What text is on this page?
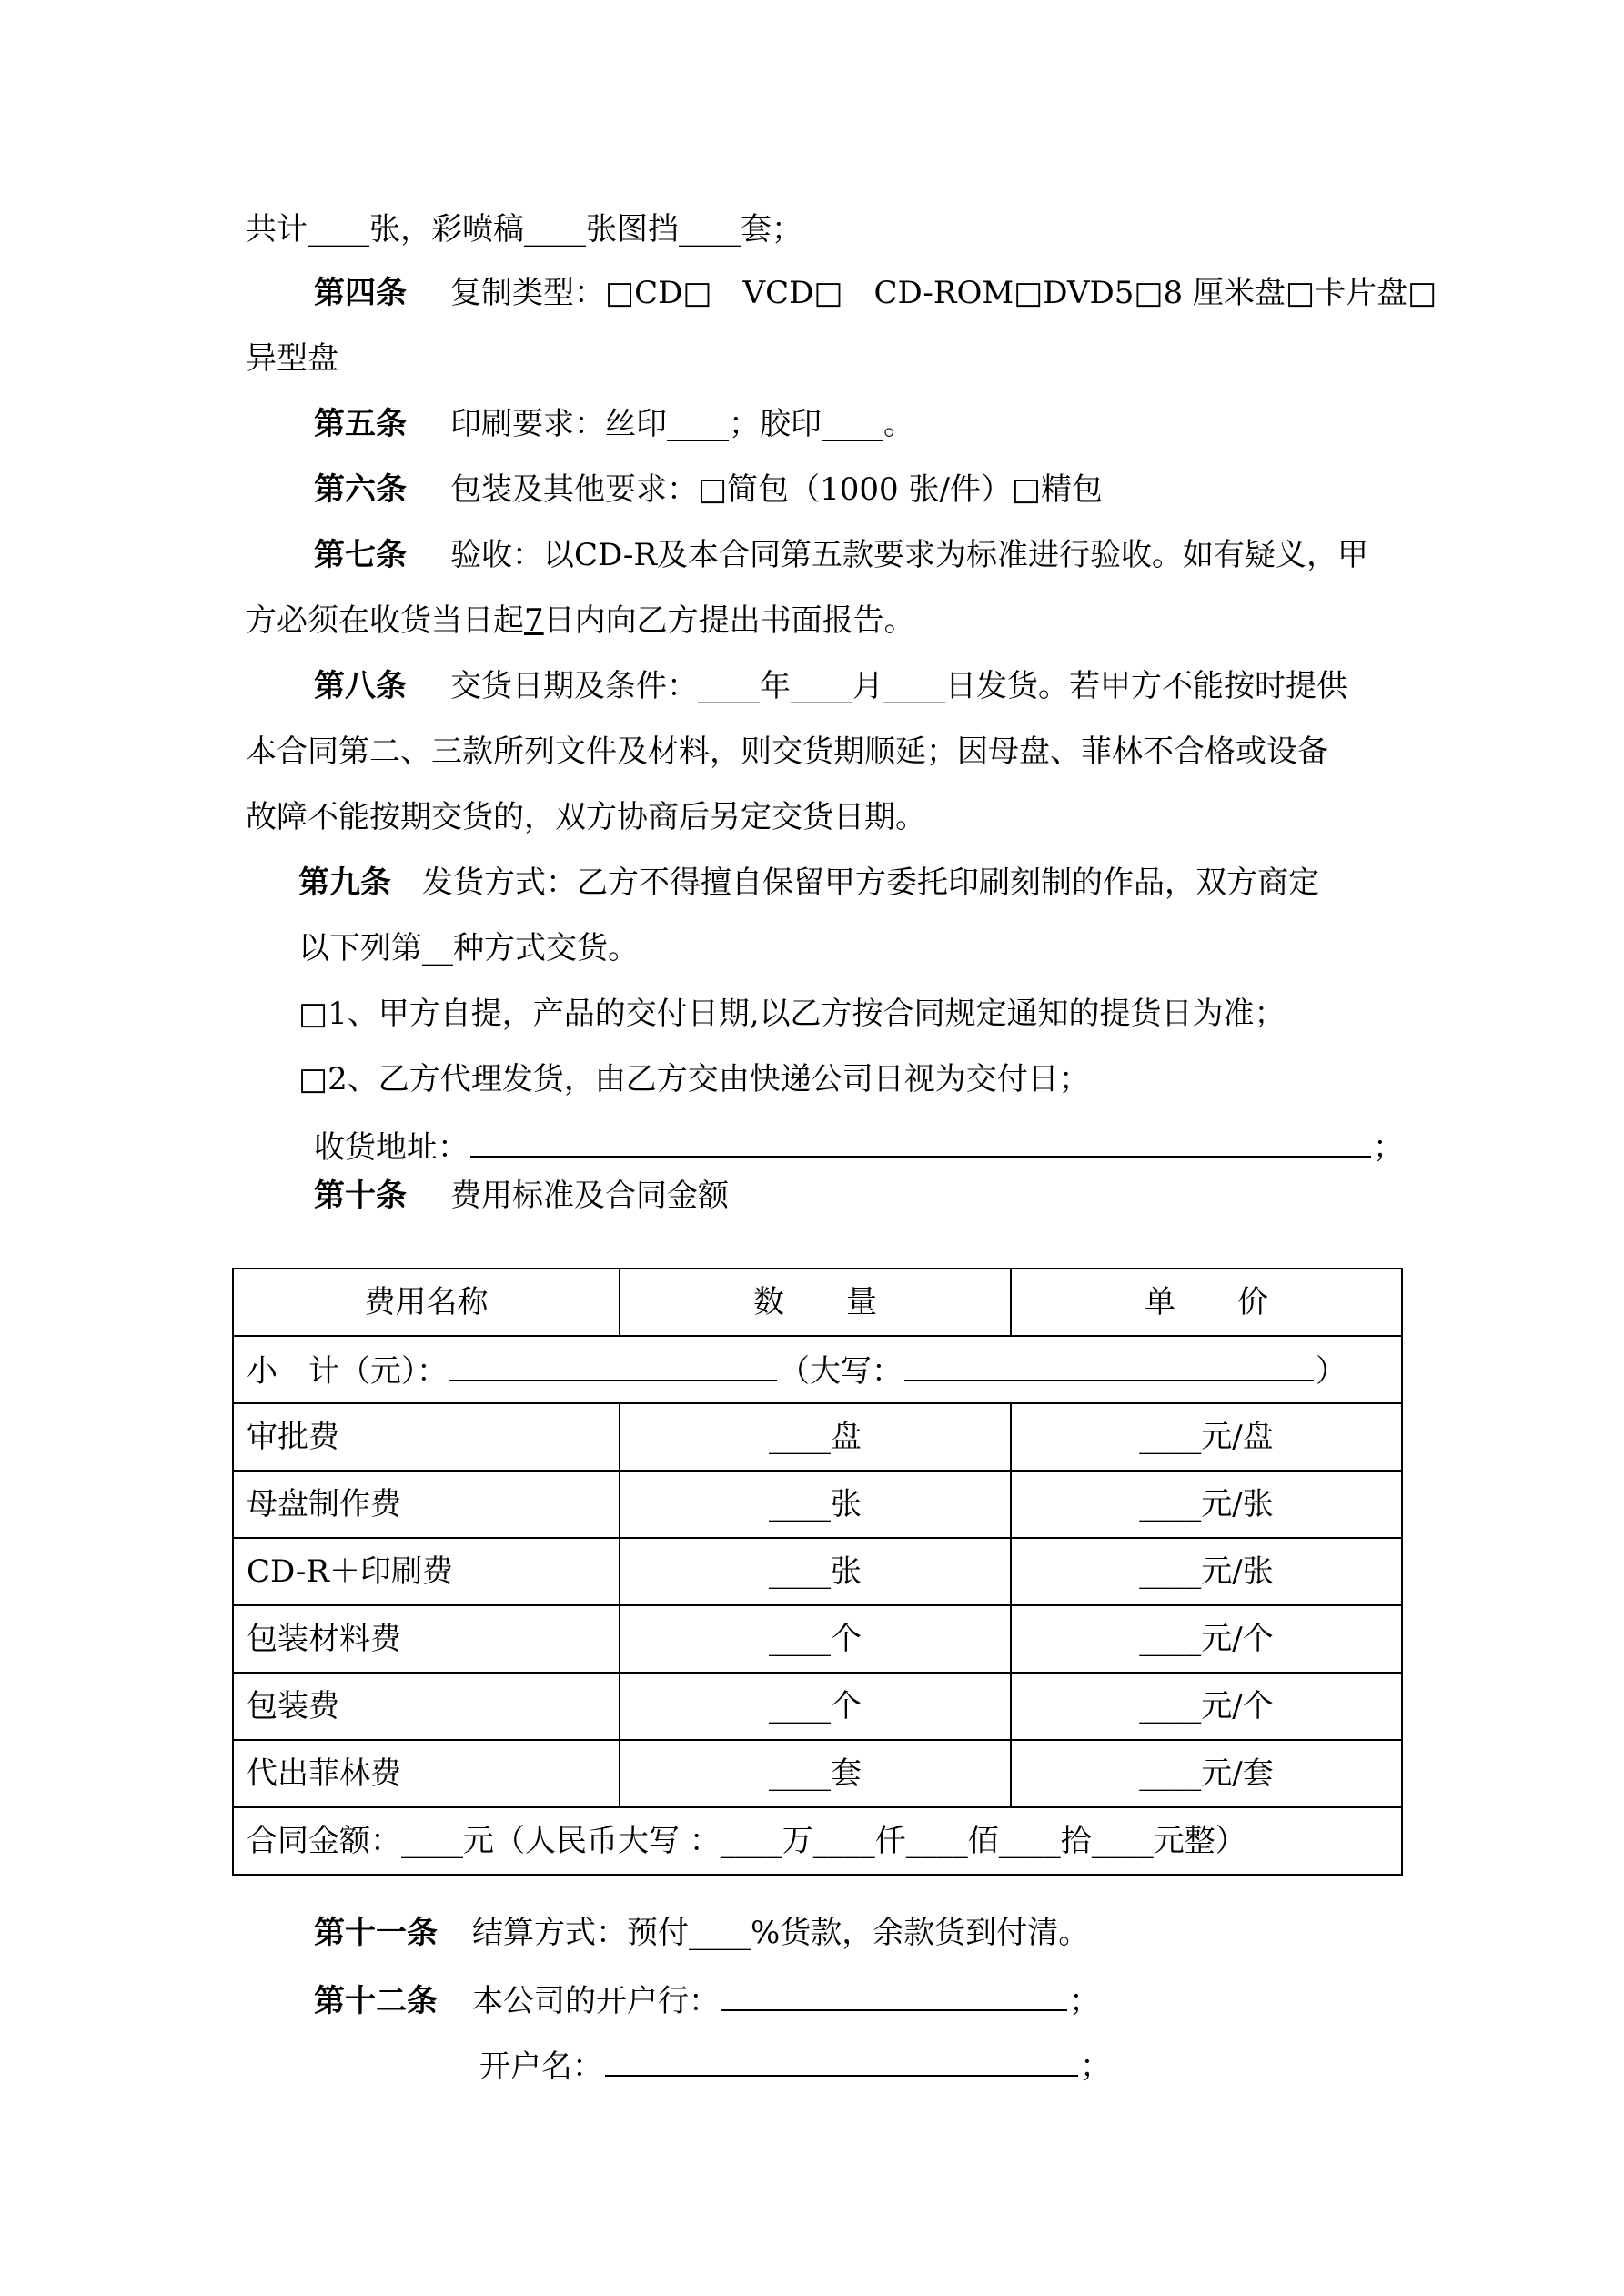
共计____张，彩喷稿____张图挡____套；
第四条 复制类型：□CD□　VCD□　CD-ROM□DVD5□8 厘米盘□卡片盘□
异型盘
第五条 印刷要求：丝印____；胶印____。
第六条 包装及其他要求：□简包（1000 张/件）□精包
第七条 验收：以CD-R及本合同第五款要求为标准进行验收。如有疑义，甲
方必须在收货当日起7日内向乙方提出书面报告。
第八条 交货日期及条件：____年____月____日发货。若甲方不能按时提供
本合同第二、三款所列文件及材料，则交货期顺延；因母盘、菲林不合格或设备
故障不能按期交货的，双方协商后另定交货日期。
第九条 发货方式：乙方不得擅自保留甲方委托印刷刻制的作品，双方商定
以下列第__种方式交货。
□1、甲方自提，产品的交付日期,以乙方按合同规定通知的提货日为准；
□2、乙方代理发货，由乙方交由快递公司日视为交付日；
收货地址：	；
第十条 费用标准及合同金额
费用名称	数　　量	单　　价
小　计（元）： （大写： ）		
审批费	____盘	____元/盘
母盘制作费	____张	____元/张
CD-R＋印刷费	____张	____元/张
包装材料费	____个	____元/个
包装费	____个	____元/个
代出菲林费	____套	____元/套
合同金额：____元（人民币大写 ：____万____仟____佰____拾____元整）		
第十一条 结算方式：预付____%货款，余款货到付清。
第十二条 本公司的开户行：	；
开户名：	；
